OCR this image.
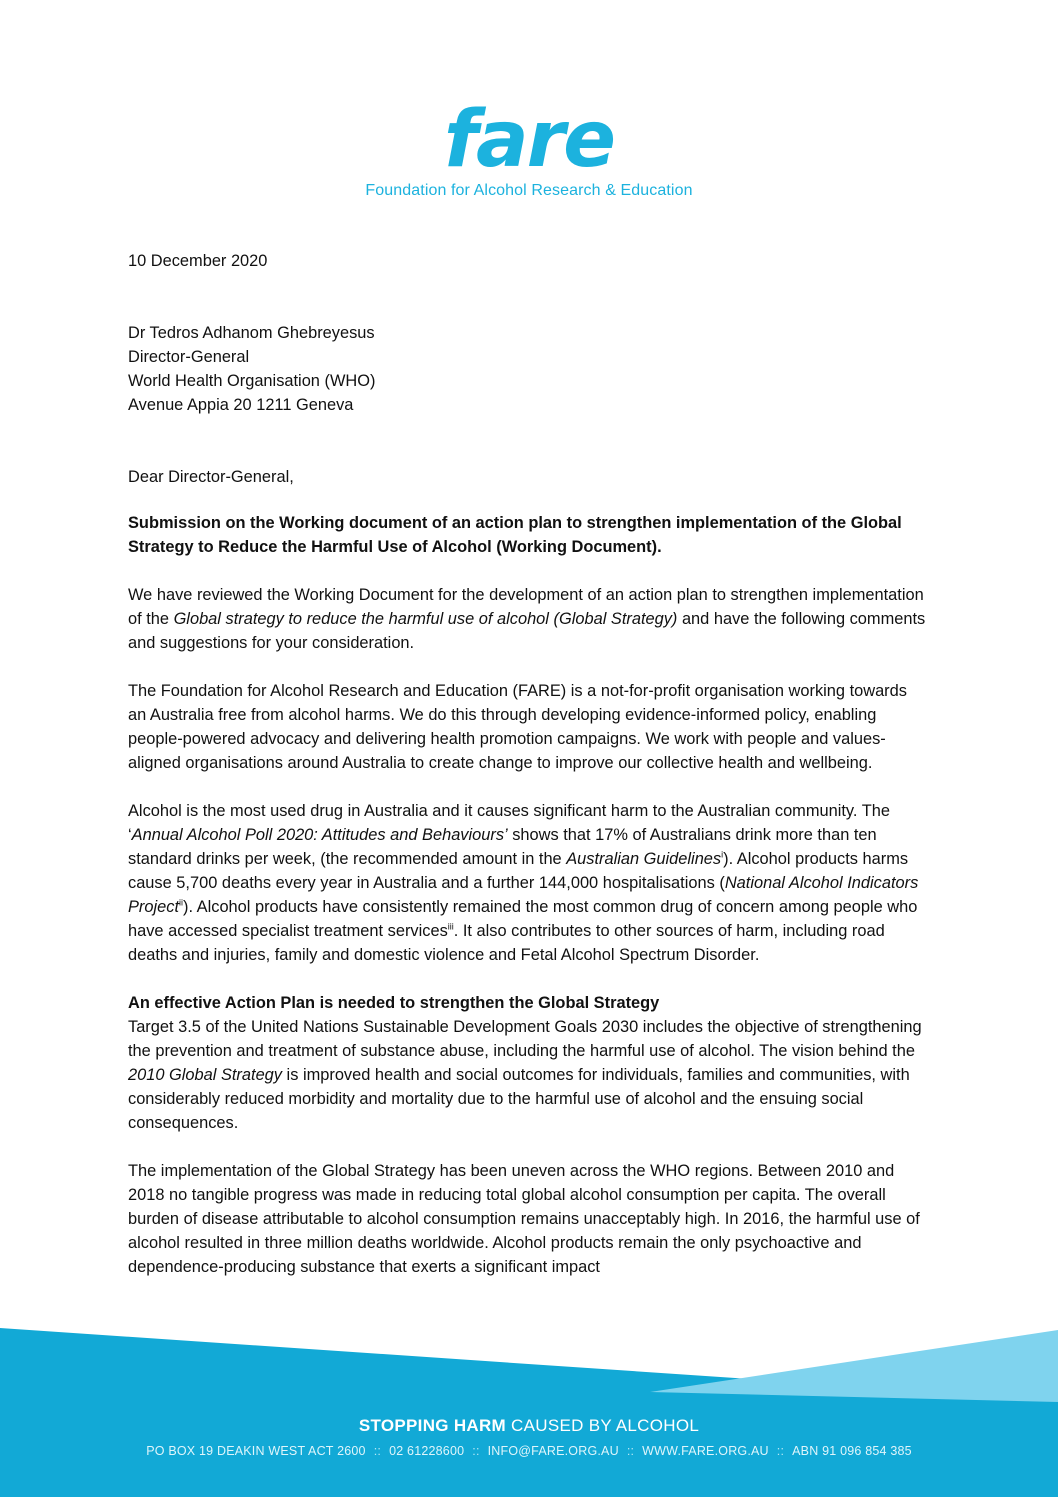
fare
Foundation for Alcohol Research & Education

10 December 2020

Dr Tedros Adhanom Ghebreyesus

Director-General

World Health Organisation (WHO)

Avenue Appia 20 1211 Geneva

Dear Director-General,

Submission on the Working document of an action plan to strengthen implementation of the Global Strategy to Reduce the Harmful Use of Alcohol (Working Document).

We have reviewed the Working Document for the development of an action plan to strengthen implementation of the Global strategy to reduce the harmful use of alcohol (Global Strategy) and have the following comments and suggestions for your consideration.

The Foundation for Alcohol Research and Education (FARE) is a not-for-profit organisation working towards an Australia free from alcohol harms. We do this through developing evidence-informed policy, enabling people-powered advocacy and delivering health promotion campaigns. We work with people and values-aligned organisations around Australia to create change to improve our collective health and wellbeing.

Alcohol is the most used drug in Australia and it causes significant harm to the Australian community. The ‘Annual Alcohol Poll 2020: Attitudes and Behaviours’ shows that 17% of Australians drink more than ten standard drinks per week, (the recommended amount in the Australian Guidelines$^i$). Alcohol products harms cause 5,700 deaths every year in Australia and a further 144,000 hospitalisations (National Alcohol Indicators Project$^{ii}$). Alcohol products have consistently remained the most common drug of concern among people who have accessed specialist treatment services$^{iii}$. It also contributes to other sources of harm, including road deaths and injuries, family and domestic violence and Fetal Alcohol Spectrum Disorder.

An effective Action Plan is needed to strengthen the Global Strategy

Target 3.5 of the United Nations Sustainable Development Goals 2030 includes the objective of strengthening the prevention and treatment of substance abuse, including the harmful use of alcohol. The vision behind the 2010 Global Strategy is improved health and social outcomes for individuals, families and communities, with considerably reduced morbidity and mortality due to the harmful use of alcohol and the ensuing social consequences.

The implementation of the Global Strategy has been uneven across the WHO regions. Between 2010 and 2018 no tangible progress was made in reducing total global alcohol consumption per capita. The overall burden of disease attributable to alcohol consumption remains unacceptably high. In 2016, the harmful use of alcohol resulted in three million deaths worldwide. Alcohol products remain the only psychoactive and dependence-producing substance that exerts a significant impact

STOPPING HARM CAUSED BY ALCOHOL
PO BOX 19 DEAKIN WEST ACT 2600 :: 02 61228600 :: INFO@FARE.ORG.AU :: WWW.FARE.ORG.AU :: ABN 91 096 854 385
